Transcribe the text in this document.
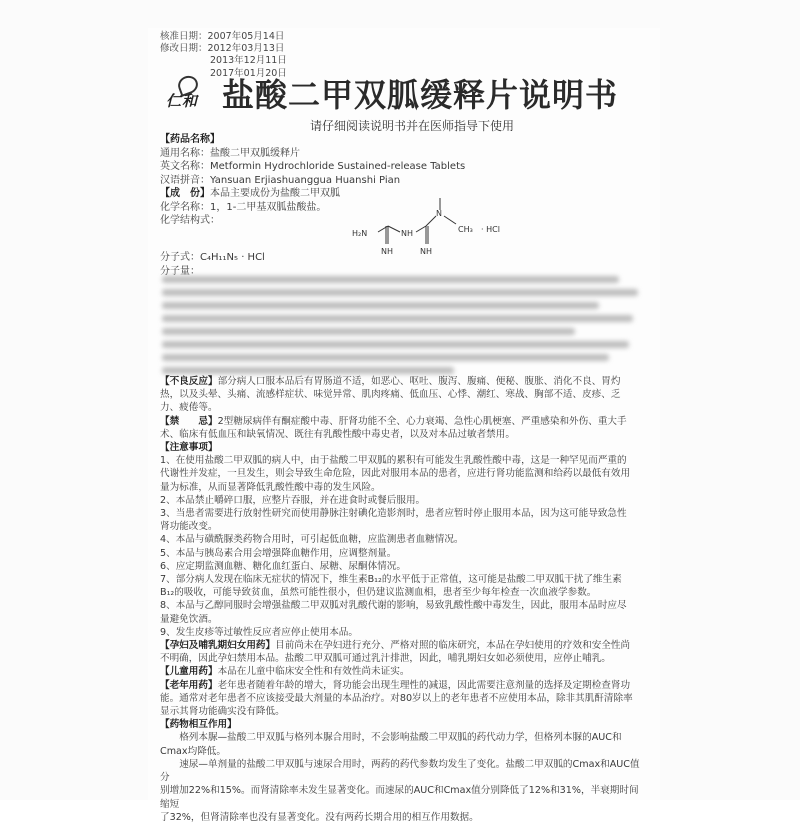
核准日期：2007年05月14日
修改日期：2012年03月13日
2013年12月11日
2017年01月20日
仁和 盐酸二甲双胍缓释片说明书
请仔细阅读说明书并在医师指导下使用
【药品名称】
通用名称：盐酸二甲双胍缓释片
英文名称：Metformin Hydrochloride Sustained-release Tablets
汉语拼音：Yansuan Erjiashuanggua Huanshi Pian
【成　份】本品主要成份为盐酸二甲双胍
化学名称：1，1-二甲基双胍盐酸盐。
化学结构式：
H₂N	NH
NH	NH
N
CH₃ · HCl
分子式：C₄H₁₁N₅ · HCl
分子量：

【不良反应】部分病人口服本品后有胃肠道不适，如恶心、呕吐、腹泻、腹痛、便秘、腹胀、消化不良、胃灼

热，以及头晕、头痛、流感样症状、味觉异常、肌肉疼痛、低血压、心悸、潮红、寒战、胸部不适、皮疹、乏

力、疲倦等。

【禁　　忌】2型糖尿病伴有酮症酸中毒、肝肾功能不全、心力衰竭、急性心肌梗塞、严重感染和外伤、重大手

术、临床有低血压和缺氧情况、既往有乳酸性酸中毒史者，以及对本品过敏者禁用。

【注意事项】

1、在使用盐酸二甲双胍的病人中，由于盐酸二甲双胍的累积有可能发生乳酸性酸中毒，这是一种罕见而严重的

代谢性并发症，一旦发生，则会导致生命危险，因此对服用本品的患者，应进行肾功能监测和给药以最低有效用

量为标准，从而显著降低乳酸性酸中毒的发生风险。

2、本品禁止嚼碎口服，应整片吞服，并在进食时或餐后服用。

3、当患者需要进行放射性研究而使用静脉注射碘化造影剂时，患者应暂时停止服用本品，因为这可能导致急性

肾功能改变。

4、本品与磺酰脲类药物合用时，可引起低血糖，应监测患者血糖情况。

5、本品与胰岛素合用会增强降血糖作用，应调整剂量。

6、应定期监测血糖、糖化血红蛋白、尿糖、尿酮体情况。

7、部分病人发现在临床无症状的情况下，维生素B₁₂的水平低于正常值，这可能是盐酸二甲双胍干扰了维生素

B₁₂的吸收，可能导致贫血，虽然可能性很小，但仍建议监测血相，患者至少每年检查一次血液学参数。

8、本品与乙醇同服时会增强盐酸二甲双胍对乳酸代谢的影响，易致乳酸性酸中毒发生，因此，服用本品时应尽

量避免饮酒。

9、发生皮疹等过敏性反应者应停止使用本品。

【孕妇及哺乳期妇女用药】目前尚未在孕妇进行充分、严格对照的临床研究，本品在孕妇使用的疗效和安全性尚

不明确，因此孕妇禁用本品。盐酸二甲双胍可通过乳汁排泄，因此，哺乳期妇女如必须使用，应停止哺乳。

【儿童用药】本品在儿童中临床安全性和有效性尚未证实。

【老年用药】老年患者随着年龄的增大，肾功能会出现生理性的减退，因此需要注意剂量的选择及定期检查肾功

能。通常对老年患者不应该接受最大剂量的本品治疗。对80岁以上的老年患者不应使用本品，除非其肌酐清除率

显示其肾功能确实没有降低。

【药物相互作用】

格列本脲—盐酸二甲双胍与格列本脲合用时，不会影响盐酸二甲双胍的药代动力学，但格列本脲的AUC和

Cmax均降低。

速尿—单剂量的盐酸二甲双胍与速尿合用时，两药的药代参数均发生了变化。盐酸二甲双胍的Cmax和AUC值分

别增加22%和15%。而肾清除率未发生显著变化。而速尿的AUC和Cmax值分别降低了12%和31%，半衰期时间缩短

了32%，但肾清除率也没有显著变化。没有两药长期合用的相互作用数据。
